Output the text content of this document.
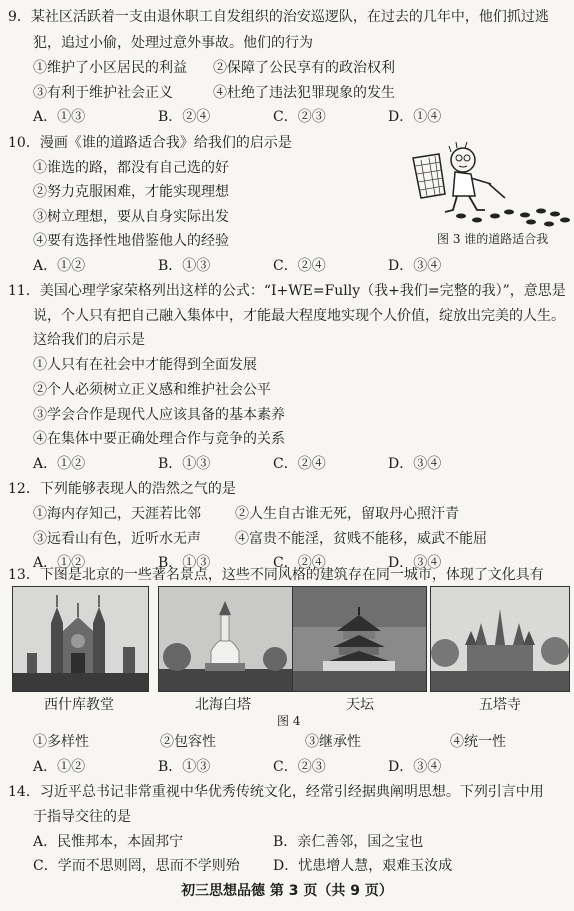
9．某社区活跃着一支由退休职工自发组织的治安巡逻队，在过去的几年中，他们抓过逃
犯，追过小偷，处理过意外事故。他们的行为
①维护了小区居民的利益 ②保障了公民享有的政治权利
③有利于维护社会正义	④杜绝了违法犯罪现象的发生
A．①③	B．②④	C．②③	D．①④
10．漫画《谁的道路适合我》给我们的启示是
①谁选的路，都没有自己选的好
②努力克服困难，才能实现理想
③树立理想，要从自身实际出发
④要有选择性地借鉴他人的经验
A．①②	B．①③	C．②④	D．③④
图 3 谁的道路适合我
11．美国心理学家荣格列出这样的公式：“I+WE=Fully（我+我们=完整的我）”，意思是
说，个人只有把自己融入集体中，才能最大程度地实现个人价值，绽放出完美的人生。
这给我们的启示是
①人只有在社会中才能得到全面发展
②个人必须树立正义感和维护社会公平
③学会合作是现代人应该具备的基本素养
④在集体中要正确处理合作与竞争的关系
A．①②	B．①③	C．②④	D．③④
12．下列能够表现人的浩然之气的是
①海内存知己，天涯若比邻 ②人生自古谁无死，留取丹心照汗青
③远看山有色，近听水无声 ④富贵不能淫，贫贱不能移，威武不能屈
A．①②	B．①③	C．②④	D．③④
13．下图是北京的一些著名景点，这些不同风格的建筑存在同一城市，体现了文化具有
西什库教堂	北海白塔	天坛	五塔寺
图 4
①多样性	②包容性	③继承性	④统一性
A．①②	B．①③	C．②③	D．③④
14．习近平总书记非常重视中华优秀传统文化，经常引经据典阐明思想。下列引言中用
于指导交往的是
A．民惟邦本，本固邦宁	B．亲仁善邻，国之宝也
C．学而不思则罔，思而不学则殆 D．忧患增人慧，艰难玉汝成
初三思想品德 第 3 页（共 9 页）
